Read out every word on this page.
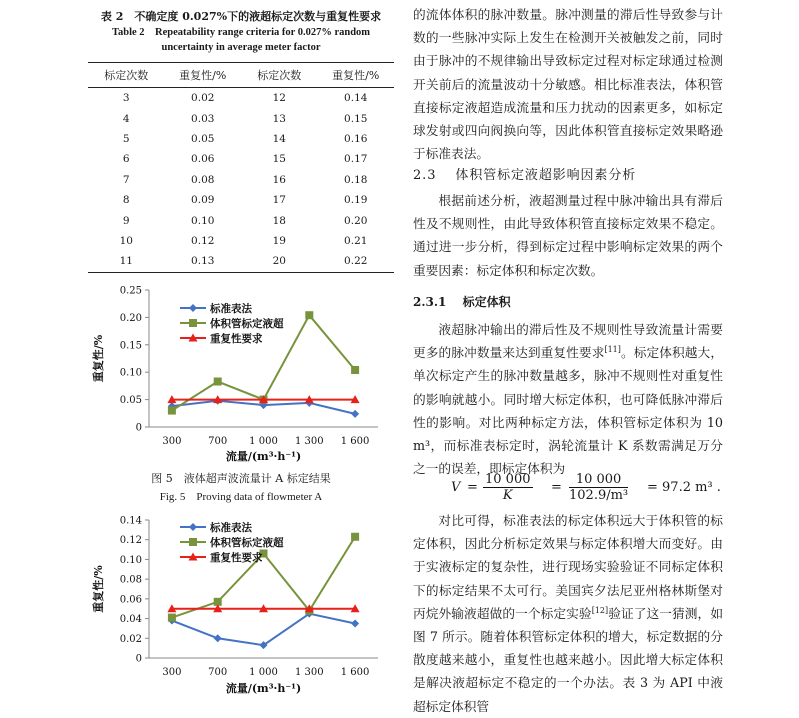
表 2　不确定度 0.027%下的液超标定次数与重复性要求
Table 2　Repeatability range criteria for 0.027% random
uncertainty in average meter factor
标定次数	重复性/%	标定次数	重复性/%
3	0.02	12	0.14
4	0.03	13	0.15
5	0.05	14	0.16
6	0.06	15	0.17
7	0.08	16	0.18
8	0.09	17	0.19
9	0.10	18	0.20
10	0.12	19	0.21
11	0.13	20	0.22
0
0.05
0.10
0.15
0.20
0.25
300	700 1 000 1 300 1 600
流量/(m³·h⁻¹)
重复性/%
标准表法
体积管标定液超
重复性要求
图 5　液体超声波流量计 A 标定结果
Fig. 5　Proving data of flowmeter A
0
0.02
0.04
0.06
0.08
0.10
0.12
0.14
300	700 1 000 1 300 1 600
流量/(m³·h⁻¹)
重复性/%
标准表法
体积管标定液超
重复性要求

的流体体积的脉冲数量。脉冲测量的滞后性导致参与计数的一些脉冲实际上发生在检测开关被触发之前，同时由于脉冲的不规律输出导致标定过程对标定球通过检测开关前后的流量波动十分敏感。相比标准表法，体积管直接标定液超造成流量和压力扰动的因素更多，如标定球发射或四向阀换向等，因此体积管直接标定效果略逊于标准表法。

2.3 体积管标定液超影响因素分析

根据前述分析，液超测量过程中脉冲输出具有滞后性及不规则性，由此导致体积管直接标定效果不稳定。通过进一步分析，得到标定过程中影响标定效果的两个重要因素：标定体积和标定次数。

2.3.1 标定体积

液超脉冲输出的滞后性及不规则性导致流量计需要更多的脉冲数量来达到重复性要求[11]。标定体积越大，单次标定产生的脉冲数量越多，脉冲不规则性对重复性的影响就越小。同时增大标定体积，也可降低脉冲滞后性的影响。对比两种标定方法，体积管标定体积为 10 m³，而标准表标定时，涡轮流量计 K 系数需满足万分之一的误差，即标定体积为

$V = \frac{10 000}{K} = \frac{10 000}{\text{102.9/m³}} = 97.2$ m³ .

对比可得，标准表法的标定体积远大于体积管的标定体积，因此分析标定效果与标定体积增大而变好。由于实液标定的复杂性，进行现场实验验证不同标定体积下的标定结果不太可行。美国宾夕法尼亚州格林斯堡对丙烷外输液超做的一个标定实验[12]验证了这一猜测，如图 7 所示。随着体积管标定体积的增大，标定数据的分散度越来越小，重复性也越来越小。因此增大标定体积是解决液超标定不稳定的一个办法。表 3 为 API 中液超标定体积管
